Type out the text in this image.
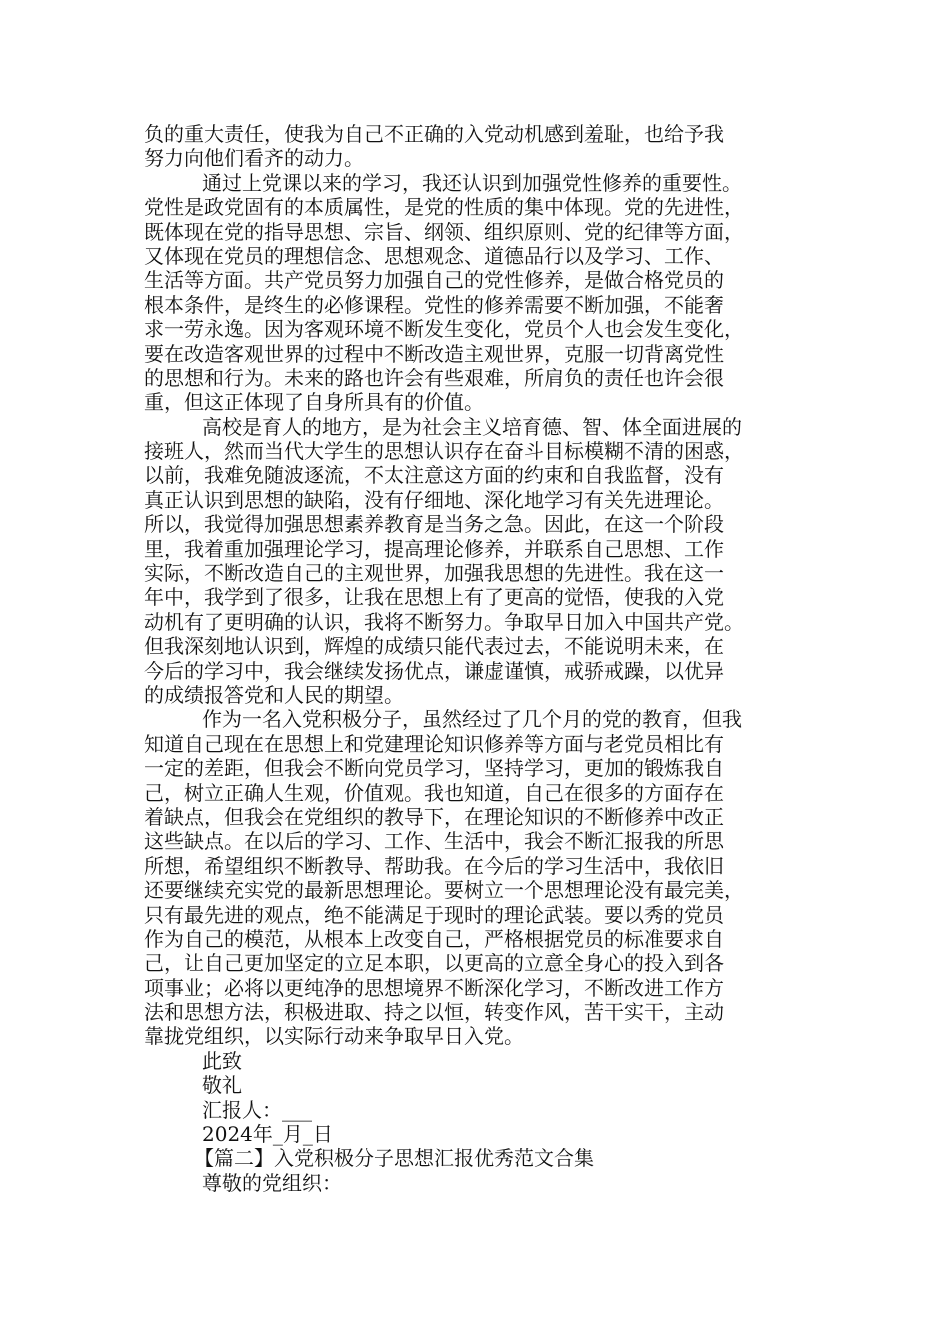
负的重大责任，使我为自己不正确的入党动机感到羞耻，也给予我
努力向他们看齐的动力。
通过上党课以来的学习，我还认识到加强党性修养的重要性。
党性是政党固有的本质属性，是党的性质的集中体现。党的先进性，
既体现在党的指导思想、宗旨、纲领、组织原则、党的纪律等方面，
又体现在党员的理想信念、思想观念、道德品行以及学习、工作、
生活等方面。共产党员努力加强自己的党性修养，是做合格党员的
根本条件，是终生的必修课程。党性的修养需要不断加强，不能奢
求一劳永逸。因为客观环境不断发生变化，党员个人也会发生变化，
要在改造客观世界的过程中不断改造主观世界，克服一切背离党性
的思想和行为。未来的路也许会有些艰难，所肩负的责任也许会很
重，但这正体现了自身所具有的价值。
高校是育人的地方，是为社会主义培育德、智、体全面进展的
接班人，然而当代大学生的思想认识存在奋斗目标模糊不清的困惑，
以前，我难免随波逐流，不太注意这方面的约束和自我监督，没有
真正认识到思想的缺陷，没有仔细地、深化地学习有关先进理论。
所以，我觉得加强思想素养教育是当务之急。因此，在这一个阶段
里，我着重加强理论学习，提高理论修养，并联系自己思想、工作
实际，不断改造自己的主观世界，加强我思想的先进性。我在这一
年中，我学到了很多，让我在思想上有了更高的觉悟，使我的入党
动机有了更明确的认识，我将不断努力。争取早日加入中国共产党。
但我深刻地认识到，辉煌的成绩只能代表过去，不能说明未来，在
今后的学习中，我会继续发扬优点，谦虚谨慎，戒骄戒躁，以优异
的成绩报答党和人民的期望。
作为一名入党积极分子，虽然经过了几个月的党的教育，但我
知道自己现在在思想上和党建理论知识修养等方面与老党员相比有
一定的差距，但我会不断向党员学习，坚持学习，更加的锻炼我自
己，树立正确人生观，价值观。我也知道，自己在很多的方面存在
着缺点，但我会在党组织的教导下，在理论知识的不断修养中改正
这些缺点。在以后的学习、工作、生活中，我会不断汇报我的所思
所想，希望组织不断教导、帮助我。在今后的学习生活中，我依旧
还要继续充实党的最新思想理论。要树立一个思想理论没有最完美，
只有最先进的观点，绝不能满足于现时的理论武装。要以秀的党员
作为自己的模范，从根本上改变自己，严格根据党员的标准要求自
己，让自己更加坚定的立足本职，以更高的立意全身心的投入到各
项事业；必将以更纯净的思想境界不断深化学习，不断改进工作方
法和思想方法，积极进取、持之以恒，转变作风，苦干实干，主动
靠拢党组织，以实际行动来争取早日入党。
此致
敬礼
汇报人：___
2024年_月_日
【篇二】入党积极分子思想汇报优秀范文合集
尊敬的党组织：
